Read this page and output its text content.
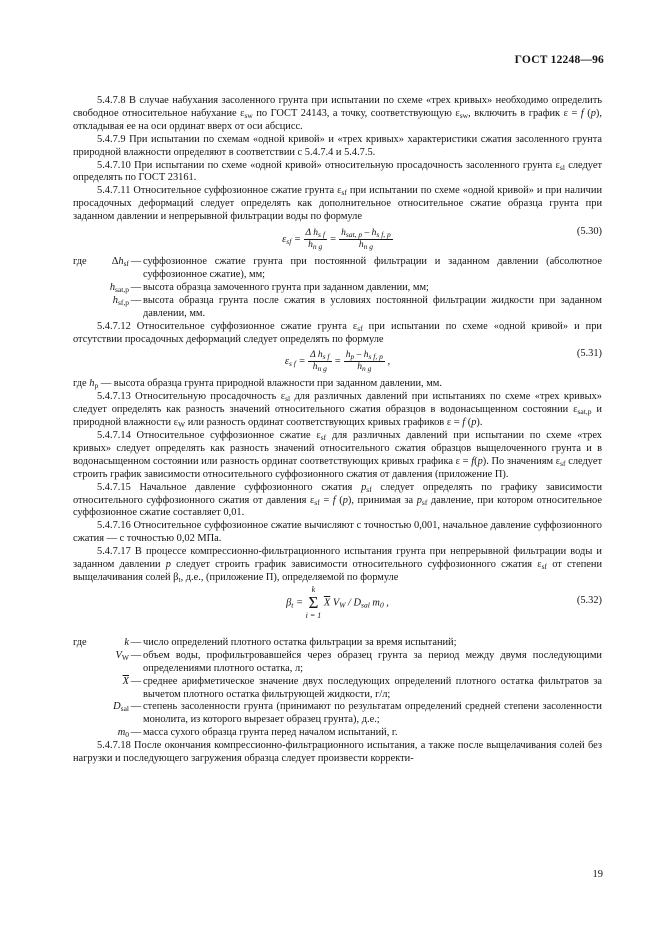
ГОСТ 12248—96

5.4.7.8 В случае набухания засоленного грунта при испытании по схеме «трех кривых» необходимо определить свободное относительное набухание $\varepsilon_{sw}$ по ГОСТ 24143, а точку, соответствующую $\varepsilon_{sw}$, включить в график ε = f (p), откладывая ее на оси ординат вверх от оси абсцисс.

5.4.7.9 При испытании по схемам «одной кривой» и «трех кривых» характеристики сжатия засоленного грунта природной влажности определяют в соответствии с 5.4.7.4 и 5.4.7.5.

5.4.7.10 При испытании по схеме «одной кривой» относительную просадочность засоленного грунта $\varepsilon_{sl}$ следует определять по ГОСТ 23161.

5.4.7.11 Относительное суффозионное сжатие грунта $\varepsilon_{sf}$ при испытании по схеме «одной кривой» и при наличии просадочных деформаций следует определять как дополнительное относительное сжатие образца грунта при заданном давлении и непрерывной фильтрации воды по формуле

$\varepsilon_{sf} = \frac{\Delta h_{s f}}{h_{n g}} = \frac{h_{sat, p} - h_{s f, p}}{h_{n g}}$	(5.30)
где $\Delta h_{sf}$ — суффозионное сжатие грунта при постоянной фильтрации и заданном давлении (абсолютное суффозионное сжатие), мм;
$h_{sat,p}$ — высота образца замоченного грунта при заданном давлении, мм;
$h_{sf,p}$ — высота образца грунта после сжатия в условиях постоянной фильтрации жидкости при заданном давлении, мм.

5.4.7.12 Относительное суффозионное сжатие грунта $\varepsilon_{sf}$ при испытании по схеме «одной кривой» и при отсутствии просадочных деформаций следует определять по формуле

$\varepsilon_{s f} = \frac{\Delta h_{s f}}{h_{n g}} = \frac{h_p - h_{s f, p}}{h_{n g}}$ ,
(5.31)

где $h_p$ — высота образца грунта природной влажности при заданном давлении, мм.

5.4.7.13 Относительную просадочность $\varepsilon_{sl}$ для различных давлений при испытаниях по схеме «трех кривых» следует определять как разность значений относительного сжатия образцов в водонасыщенном состоянии $\varepsilon_{sat,p}$ и природной влажности $\varepsilon_W$ или разность ординат соответствующих кривых графиков ε = f (p).

5.4.7.14 Относительное суффозионное сжатие $\varepsilon_{sf}$ для различных давлений при испытании по схеме «трех кривых» следует определять как разность значений относительного сжатия образцов выщелоченного грунта и в водонасыщенном состоянии или разность ординат соответствующих кривых графика ε = f(p). По значениям $\varepsilon_{sf}$ следует строить график зависимости относительного суффозионного сжатия от давления (приложение П).

5.4.7.15 Начальное давление суффозионного сжатия $p_{sf}$ следует определять по графику зависимости относительного суффозионного сжатия от давления $\varepsilon_{sf} = f$ (p), принимая за $p_{sf}$ давление, при котором относительное суффозионное сжатие составляет 0,01.

5.4.7.16 Относительное суффозионное сжатие вычисляют с точностью 0,001, начальное давление суффозионного сжатия — с точностью 0,02 МПа.

5.4.7.17 В процессе компрессионно-фильтрационного испытания грунта при непрерывной фильтрации воды и заданном давлении p следует строить график зависимости относительного суффозионного сжатия $\varepsilon_{sf}$ от степени выщелачивания солей $\beta_t$, д.е., (приложение П), определяемой по формуле

$\beta_t$ =
k
Σ
i = 1
$\overline{X}$ $V_W / D_{sal}$ $m_0$ ,	(5.32)
где	k — число определений плотного остатка фильтрации за время испытаний;
$V_W$ — объем воды, профильтровавшейся через образец грунта за период между двумя последующими определениями плотного остатка, л;
$\overline{X}$ — среднее арифметическое значение двух последующих определений плотного остатка фильтратов за вычетом плотного остатка фильтрующей жидкости, г/л;
$D_{sal}$ — степень засоленности грунта (принимают по результатам определений средней степени засоленности монолита, из которого вырезает образец грунта), д.е.;
$m_0$ — масса сухого образца грунта перед началом испытаний, г.

5.4.7.18 После окончания компрессионно-фильтрационного испытания, а также после выщелачивания солей без нагрузки и последующего загружения образца следует произвести корректи-

19
